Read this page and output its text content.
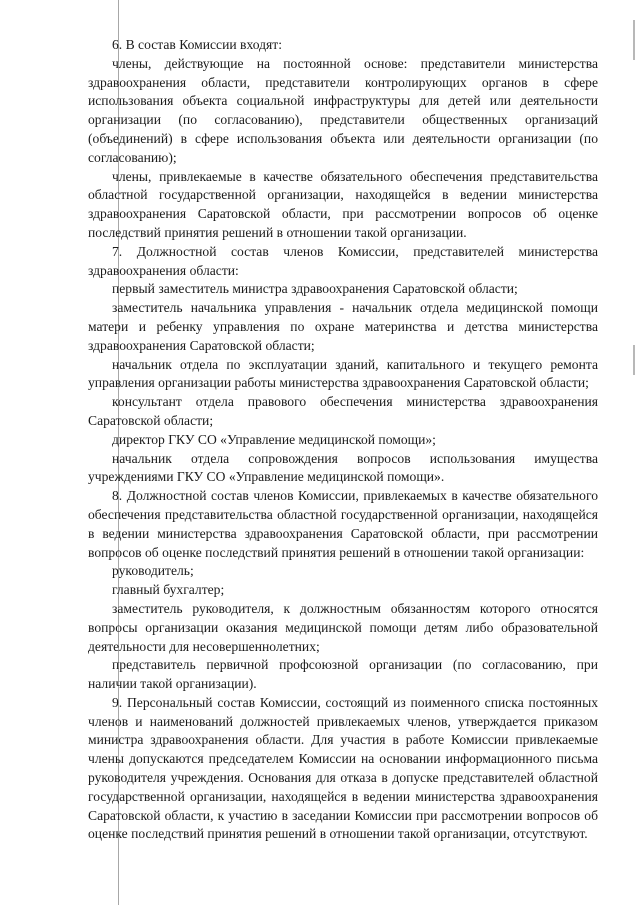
6. В состав Комиссии входят:

члены, действующие на постоянной основе: представители министерства здравоохранения области, представители контролирующих органов в сфере использования объекта социальной инфраструктуры для детей или деятельности организации (по согласованию), представители общественных организаций (объединений) в сфере использования объекта или деятельности организации (по согласованию);

члены, привлекаемые в качестве обязательного обеспечения представительства областной государственной организации, находящейся в ведении министерства здравоохранения Саратовской области, при рассмотрении вопросов об оценке последствий принятия решений в отношении такой организации.

7. Должностной состав членов Комиссии, представителей министерства здравоохранения области:

первый заместитель министра здравоохранения Саратовской области;

заместитель начальника управления - начальник отдела медицинской помощи матери и ребенку управления по охране материнства и детства министерства здравоохранения Саратовской области;

начальник отдела по эксплуатации зданий, капитального и текущего ремонта управления организации работы министерства здравоохранения Саратовской области;

консультант отдела правового обеспечения министерства здравоохранения Саратовской области;

директор ГКУ СО «Управление медицинской помощи»;

начальник отдела сопровождения вопросов использования имущества учреждениями ГКУ СО «Управление медицинской помощи».

8. Должностной состав членов Комиссии, привлекаемых в качестве обязательного обеспечения представительства областной государственной организации, находящейся в ведении министерства здравоохранения Саратовской области, при рассмотрении вопросов об оценке последствий принятия решений в отношении такой организации:

руководитель;

главный бухгалтер;

заместитель руководителя, к должностным обязанностям которого относятся вопросы организации оказания медицинской помощи детям либо образовательной деятельности для несовершеннолетних;

представитель первичной профсоюзной организации (по согласованию, при наличии такой организации).

9. Персональный состав Комиссии, состоящий из поименного списка постоянных членов и наименований должностей привлекаемых членов, утверждается приказом министра здравоохранения области. Для участия в работе Комиссии привлекаемые члены допускаются председателем Комиссии на основании информационного письма руководителя учреждения. Основания для отказа в допуске представителей областной государственной организации, находящейся в ведении министерства здравоохранения Саратовской области, к участию в заседании Комиссии при рассмотрении вопросов об оценке последствий принятия решений в отношении такой организации, отсутствуют.
